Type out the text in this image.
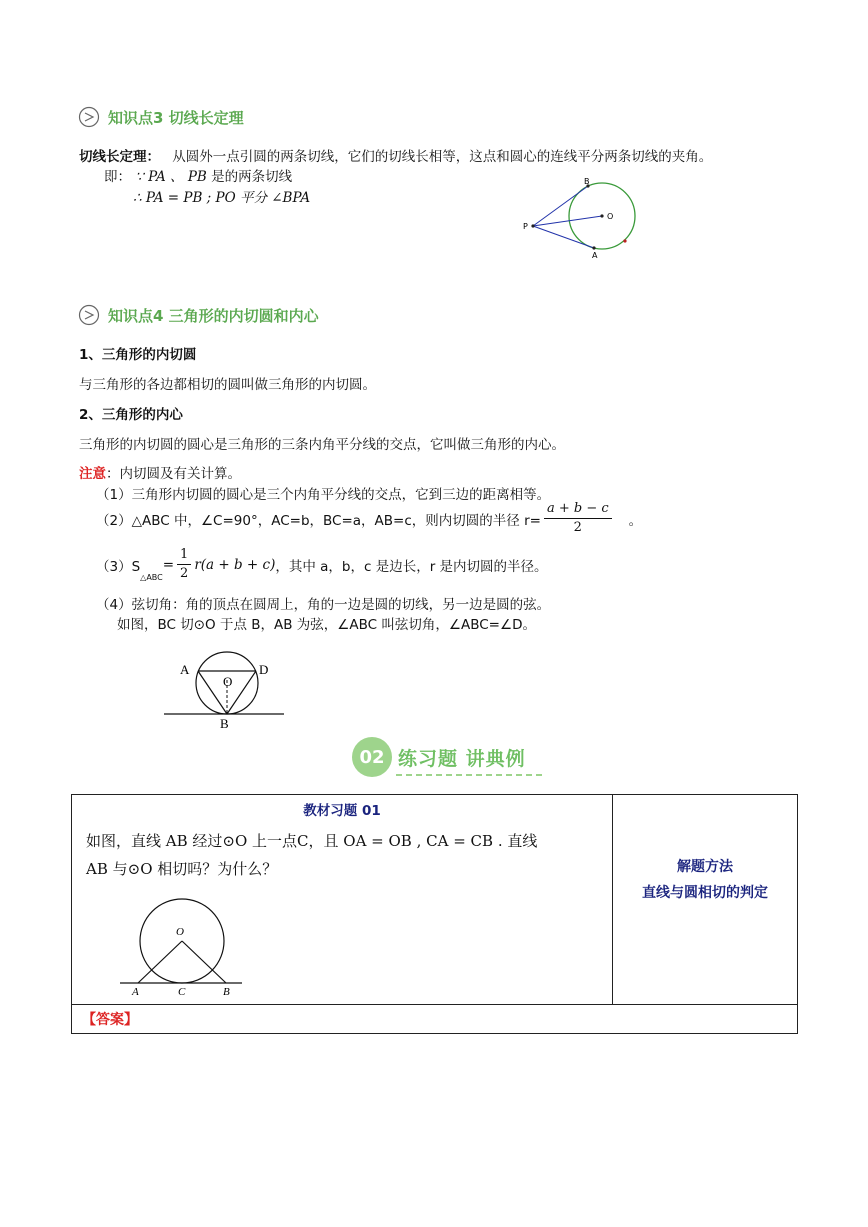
知识点3 切线长定理
切线长定理： 从圆外一点引圆的两条切线，它们的切线长相等，这点和圆心的连线平分两条切线的夹角。
即： ∵ PA 、 PB 是的两条切线
∴ PA = PB ; PO 平分 ∠BPA
B
O
P
A
知识点4 三角形的内切圆和内心
1、三角形的内切圆
与三角形的各边都相切的圆叫做三角形的内切圆。
2、三角形的内心
三角形的内切圆的圆心是三角形的三条内角平分线的交点，它叫做三角形的内心。
注意：内切圆及有关计算。
（1）三角形内切圆的圆心是三个内角平分线的交点，它到三边的距离相等。
（2）△ABC 中，∠C=90°，AC=b，BC=a，AB=c，则内切圆的半径 $r= \frac{a + b - c}{2}$ 。
（3）S
$_{\triangle ABC}$
= $\frac{1}{2} r(a + b + c)$ ，其中 a，b，c 是边长，r 是内切圆的半径。
（4）弦切角：角的顶点在圆周上，角的一边是圆的切线，另一边是圆的弦。
如图，BC 切⊙O 于点 B，AB 为弦，∠ABC 叫弦切角，∠ABC=∠D。
A	D
O
B
02 练习题 讲典例
教材习题 01
如图，直线 AB 经过⊙O 上一点C，且 OA = OB , CA = CB . 直线
AB 与⊙O 相切吗？为什么？
O
A	C	B

解题方法
直线与圆相切的判定

【答案】
